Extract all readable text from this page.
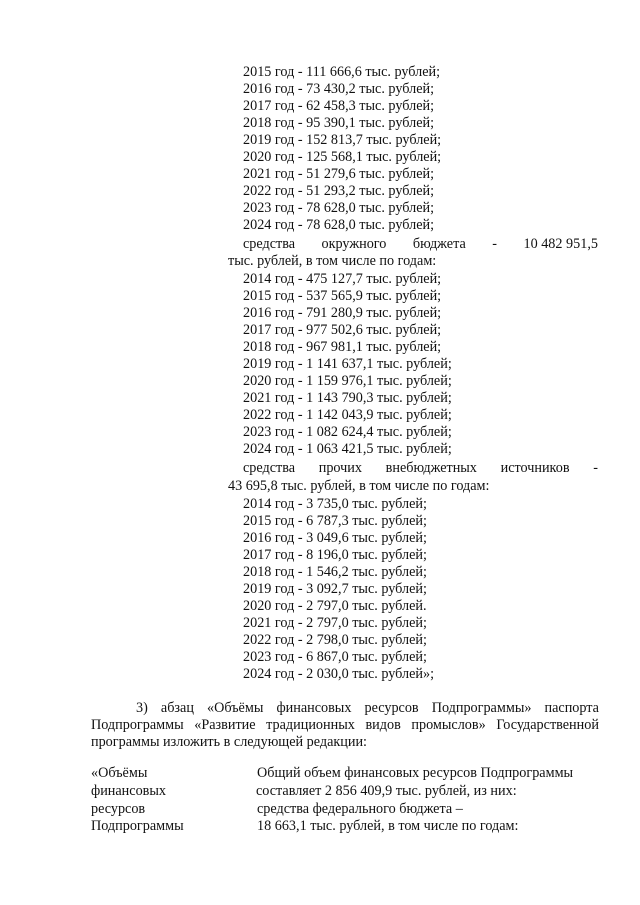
2015 год - 111 666,6 тыс. рублей;
2016 год - 73 430,2 тыс. рублей;
2017 год - 62 458,3 тыс. рублей;
2018 год - 95 390,1 тыс. рублей;
2019 год - 152 813,7 тыс. рублей;
2020 год - 125 568,1 тыс. рублей;
2021 год - 51 279,6 тыс. рублей;
2022 год - 51 293,2 тыс. рублей;
2023 год - 78 628,0 тыс. рублей;
2024 год - 78 628,0 тыс. рублей;
средства окружного бюджета - 10 482 951,5
тыс. рублей, в том числе по годам:
2014 год - 475 127,7 тыс. рублей;
2015 год - 537 565,9 тыс. рублей;
2016 год - 791 280,9 тыс. рублей;
2017 год - 977 502,6 тыс. рублей;
2018 год - 967 981,1 тыс. рублей;
2019 год - 1 141 637,1 тыс. рублей;
2020 год - 1 159 976,1 тыс. рублей;
2021 год - 1 143 790,3 тыс. рублей;
2022 год - 1 142 043,9 тыс. рублей;
2023 год - 1 082 624,4 тыс. рублей;
2024 год - 1 063 421,5 тыс. рублей;
средства прочих внебюджетных источников -
43 695,8 тыс. рублей, в том числе по годам:
2014 год - 3 735,0 тыс. рублей;
2015 год - 6 787,3 тыс. рублей;
2016 год - 3 049,6 тыс. рублей;
2017 год - 8 196,0 тыс. рублей;
2018 год - 1 546,2 тыс. рублей;
2019 год - 3 092,7 тыс. рублей;
2020 год - 2 797,0 тыс. рублей.
2021 год - 2 797,0 тыс. рублей;
2022 год - 2 798,0 тыс. рублей;
2023 год - 6 867,0 тыс. рублей;
2024 год - 2 030,0 тыс. рублей»;
3) абзац «Объёмы финансовых ресурсов Подпрограммы» паспорта
Подпрограммы «Развитие традиционных видов промыслов» Государственной
программы изложить в следующей редакции:
«Объёмы
финансовых
ресурсов
Подпрограммы
Общий объем финансовых ресурсов Подпрограммы
составляет 2 856 409,9 тыс. рублей, из них:
средства федерального бюджета –
18 663,1 тыс. рублей, в том числе по годам:
